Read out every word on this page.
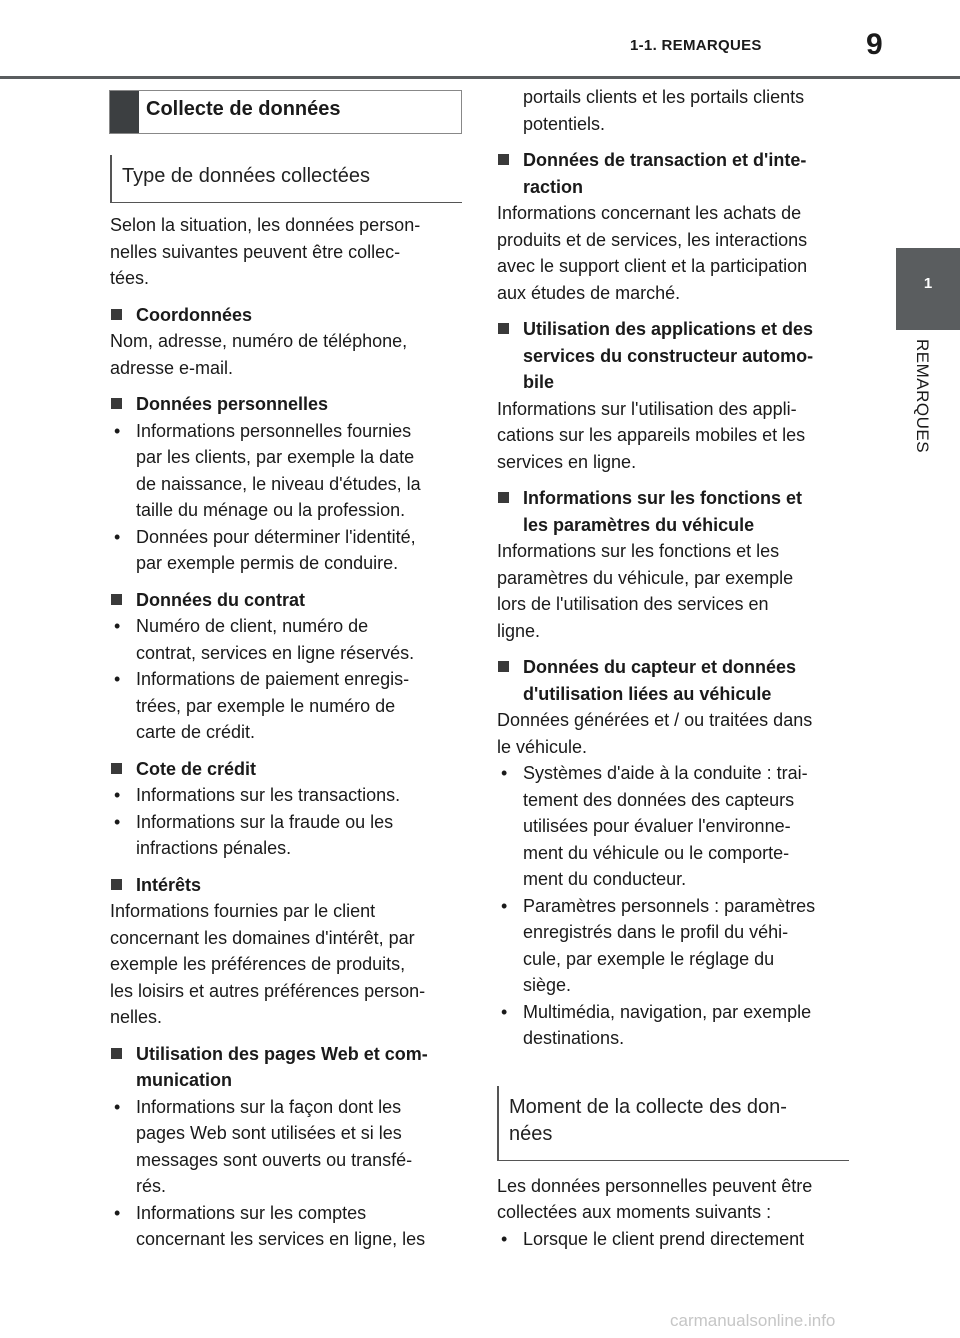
1-1. REMARQUES	9
1
REMARQUES
Collecte de données
Type de données collectées
Selon la situation, les données person-
nelles suivantes peuvent être collec-
tées.
Coordonnées
Nom, adresse, numéro de téléphone,
adresse e-mail.
Données personnelles
• Informations personnelles fournies
par les clients, par exemple la date
de naissance, le niveau d'études, la
taille du ménage ou la profession.
• Données pour déterminer l'identité,
par exemple permis de conduire.
Données du contrat
• Numéro de client, numéro de
contrat, services en ligne réservés.
• Informations de paiement enregis-
trées, par exemple le numéro de
carte de crédit.
Cote de crédit
• Informations sur les transactions.
• Informations sur la fraude ou les
infractions pénales.
Intérêts
Informations fournies par le client
concernant les domaines d'intérêt, par
exemple les préférences de produits,
les loisirs et autres préférences person-
nelles.
Utilisation des pages Web et com-
munication
• Informations sur la façon dont les
pages Web sont utilisées et si les
messages sont ouverts ou transfé-
rés.
• Informations sur les comptes
concernant les services en ligne, les
portails clients et les portails clients
potentiels.
Données de transaction et d'inte-
raction
Informations concernant les achats de
produits et de services, les interactions
avec le support client et la participation
aux études de marché.
Utilisation des applications et des
services du constructeur automo-
bile
Informations sur l'utilisation des appli-
cations sur les appareils mobiles et les
services en ligne.
Informations sur les fonctions et
les paramètres du véhicule
Informations sur les fonctions et les
paramètres du véhicule, par exemple
lors de l'utilisation des services en
ligne.
Données du capteur et données
d'utilisation liées au véhicule
Données générées et / ou traitées dans
le véhicule.
• Systèmes d'aide à la conduite : trai-
tement des données des capteurs
utilisées pour évaluer l'environne-
ment du véhicule ou le comporte-
ment du conducteur.
• Paramètres personnels : paramètres
enregistrés dans le profil du véhi-
cule, par exemple le réglage du
siège.
• Multimédia, navigation, par exemple
destinations.
Moment de la collecte des don-
nées
Les données personnelles peuvent être
collectées aux moments suivants :
• Lorsque le client prend directement
carmanualsonline.info
